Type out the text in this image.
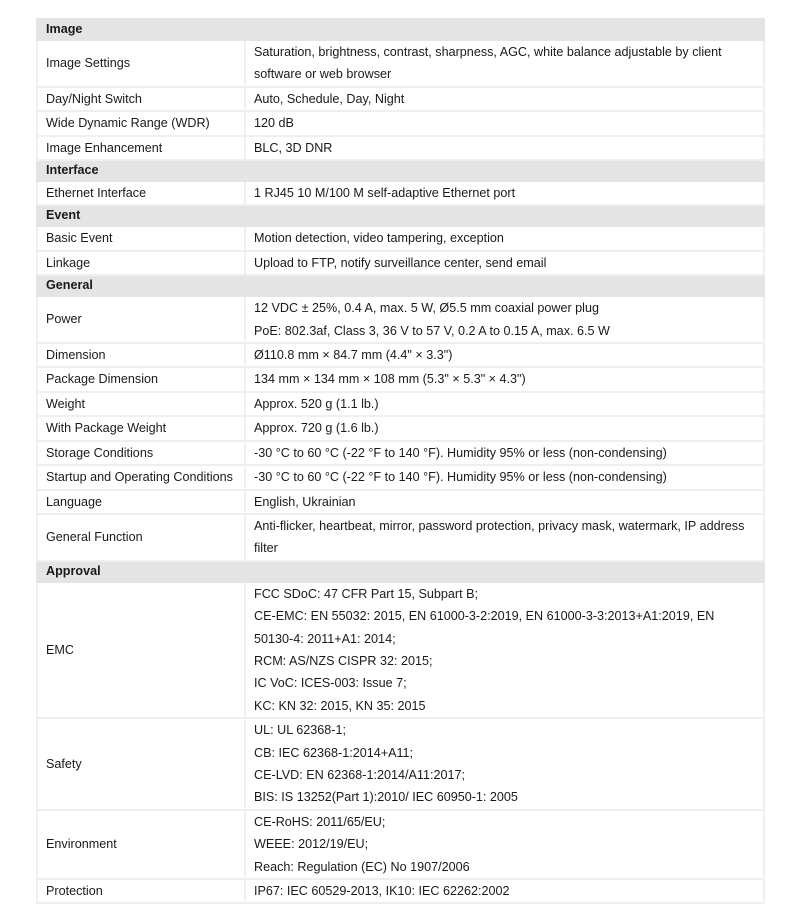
Image	
Image Settings	Saturation, brightness, contrast, sharpness, AGC, white balance adjustable by client software or web browser

Day/Night Switch	Auto, Schedule, Day, Night

Wide Dynamic Range (WDR)	120 dB

Image Enhancement	BLC, 3D DNR

Interface	
Ethernet Interface	1 RJ45 10 M/100 M self-adaptive Ethernet port

Event	
Basic Event	Motion detection, video tampering, exception

Linkage	Upload to FTP, notify surveillance center, send email

General	
Power	12 VDC ± 25%, 0.4 A, max. 5 W, Ø5.5 mm coaxial power plug
PoE: 802.3af, Class 3, 36 V to 57 V, 0.2 A to 0.15 A, max. 6.5 W

Dimension	Ø110.8 mm × 84.7 mm (4.4" × 3.3")

Package Dimension	134 mm × 134 mm × 108 mm (5.3" × 5.3" × 4.3")

Weight	Approx. 520 g (1.1 lb.)

With Package Weight	Approx. 720 g (1.6 lb.)

Storage Conditions	-30 °C to 60 °C (-22 °F to 140 °F). Humidity 95% or less (non-condensing)

Startup and Operating Conditions	-30 °C to 60 °C (-22 °F to 140 °F). Humidity 95% or less (non-condensing)

Language	English, Ukrainian

General Function	Anti-flicker, heartbeat, mirror, password protection, privacy mask, watermark, IP address filter

Approval	
EMC	FCC SDoC: 47 CFR Part 15, Subpart B;
CE-EMC: EN 55032: 2015, EN 61000-3-2:2019, EN 61000-3-3:2013+A1:2019, EN 50130-4: 2011+A1: 2014;
RCM: AS/NZS CISPR 32: 2015;
IC VoC: ICES-003: Issue 7;
KC: KN 32: 2015, KN 35: 2015

Safety	UL: UL 62368-1;
CB: IEC 62368-1:2014+A11;
CE-LVD: EN 62368-1:2014/A11:2017;
BIS: IS 13252(Part 1):2010/ IEC 60950-1: 2005

Environment	CE-RoHS: 2011/65/EU;
WEEE: 2012/19/EU;
Reach: Regulation (EC) No 1907/2006

Protection	IP67: IEC 60529-2013, IK10: IEC 62262:2002
